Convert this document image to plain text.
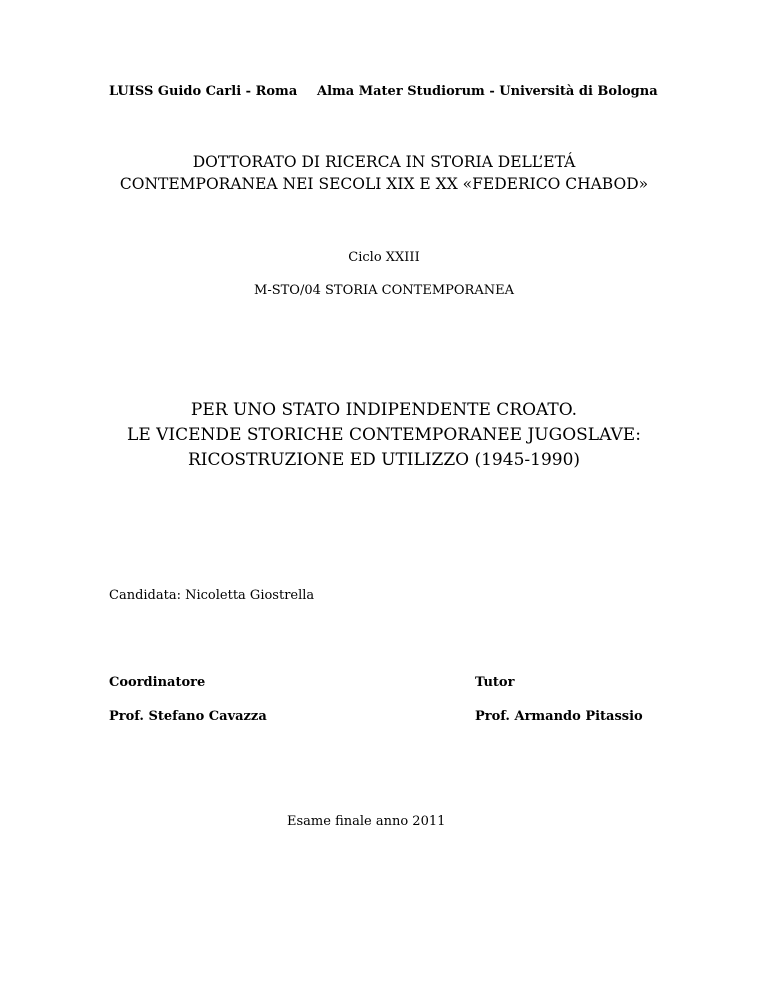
LUISS Guido Carli - Roma Alma Mater Studiorum - Università di Bologna
DOTTORATO DI RICERCA IN STORIA DELL’ETÁ
CONTEMPORANEA NEI SECOLI XIX E XX «FEDERICO CHABOD»
Ciclo XXIII
M-STO/04 STORIA CONTEMPORANEA
PER UNO STATO INDIPENDENTE CROATO.
LE VICENDE STORICHE CONTEMPORANEE JUGOSLAVE:
RICOSTRUZIONE ED UTILIZZO (1945-1990)
Candidata: Nicoletta Giostrella
Coordinatore	Tutor
Prof. Stefano Cavazza	Prof. Armando Pitassio
Esame finale anno 2011
